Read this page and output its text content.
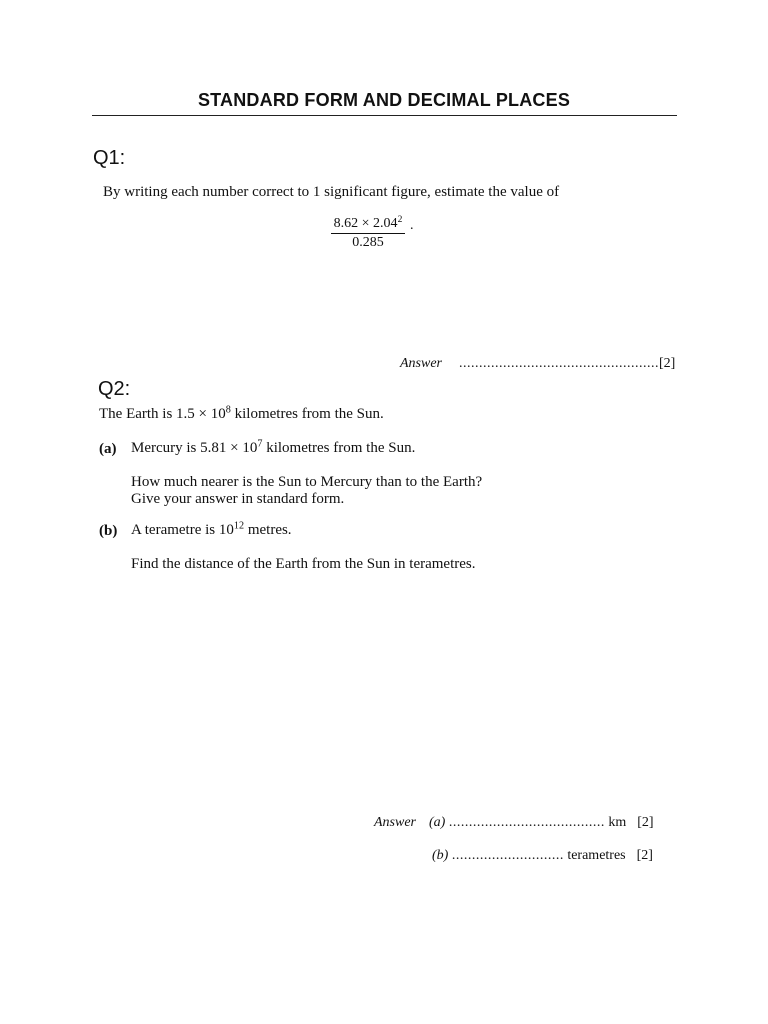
STANDARD FORM AND DECIMAL PLACES
Q1:
By writing each number correct to 1 significant figure, estimate the value of
$8.62 \times 2.04^2$
0.285
.
Answer ..................................................[2]
Q2:
The Earth is $1.5 \times 10^8$ kilometres from the Sun.
(a) Mercury is $5.81 \times 10^7$ kilometres from the Sun.
How much nearer is the Sun to Mercury than to the Earth?
Give your answer in standard form.
(b) A terametre is $10^{12}$ metres.
Find the distance of the Earth from the Sun in terametres.
Answer (a) ....................................... km [2]
(b) ............................ terametres [2]
